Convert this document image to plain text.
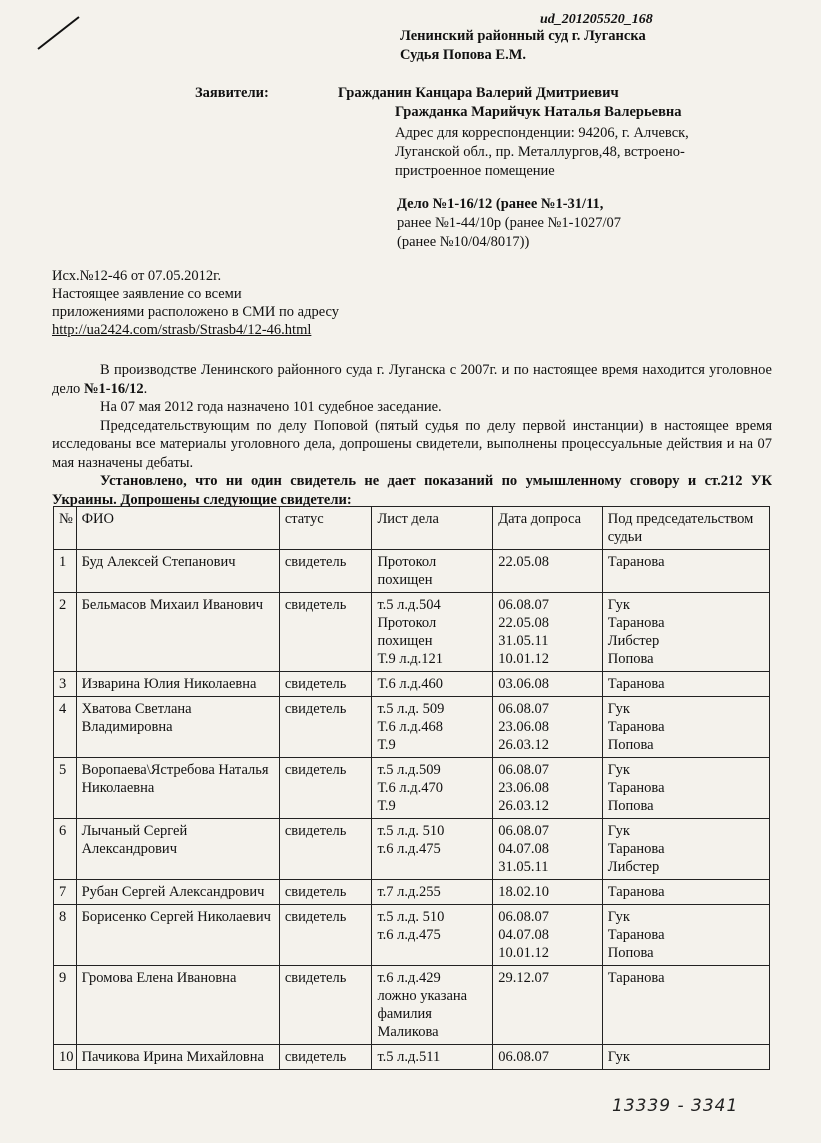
ud_201205520_168
Ленинский районный суд г. Луганска
Судья Попова Е.М.
Заявители:	Гражданин Канцара Валерий Дмитриевич
Гражданка Марийчук Наталья Валерьевна
Адрес для корреспонденции: 94206, г. Алчевск,
Луганской обл., пр. Металлургов,48, встроено-
пристроенное помещение
Дело №1-16/12 (ранее №1-31/11,
ранее №1-44/10р (ранее №1-1027/07
(ранее №10/04/8017))
Исх.№12-46 от 07.05.2012г.
Настоящее заявление со всеми
приложениями расположено в СМИ по адресу
http://ua2424.com/strasb/Strasb4/12-46.html

В производстве Ленинского районного суда г. Луганска с 2007г. и по настоящее время находится уголовное дело №1-16/12.

На 07 мая 2012 года назначено 101 судебное заседание.

Председательствующим по делу Поповой (пятый судья по делу первой инстанции) в настоящее время исследованы все материалы уголовного дела, допрошены свидетели, выполнены процессуальные действия и на 07 мая назначены дебаты.

Установлено, что ни один свидетель не дает показаний по умышленному сговору и ст.212 УК Украины. Допрошены следующие свидетели:

№	ФИО	статус	Лист дела	Дата допроса	Под председательством судьи
1	Буд Алексей Степанович	свидетель	Протокол
похищен	22.05.08	Таранова

2	Бельмасов Михаил Иванович	свидетель	т.5 л.д.504
Протокол
похищен
Т.9 л.д.121	06.08.07
22.05.08
31.05.11
10.01.12	Гук
Таранова
Либстер
Попова

3	Изварина Юлия Николаевна	свидетель	Т.6 л.д.460	03.06.08	Таранова

4	Хватова Светлана Владимировна	свидетель	т.5 л.д. 509
Т.6 л.д.468
Т.9	06.08.07
23.06.08
26.03.12	Гук
Таранова
Попова

5	Воропаева\Ястребова Наталья Николаевна	свидетель	т.5 л.д.509
Т.6 л.д.470
Т.9	06.08.07
23.06.08
26.03.12	Гук
Таранова
Попова

6	Лычаный Сергей Александрович	свидетель	т.5 л.д. 510
т.6 л.д.475	06.08.07
04.07.08
31.05.11	Гук
Таранова
Либстер

7	Рубан Сергей Александрович	свидетель	т.7 л.д.255	18.02.10	Таранова

8	Борисенко Сергей Николаевич	свидетель	т.5 л.д. 510
т.6 л.д.475	06.08.07
04.07.08
10.01.12	Гук
Таранова
Попова

9	Громова Елена Ивановна	свидетель	т.6 л.д.429
ложно указана
фамилия
Маликова	29.12.07	Таранова

10	Пачикова Ирина Михайловна	свидетель	т.5 л.д.511	06.08.07	Гук
13339 - 3341
